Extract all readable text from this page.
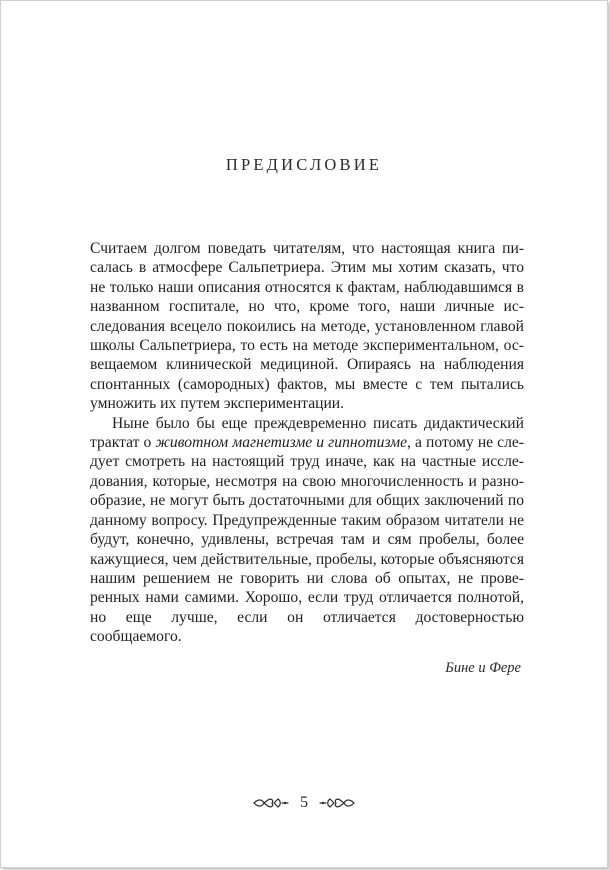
ПРЕДИСЛОВИЕ

Считаем долгом поведать читателям, что настоящая книга писалась в атмосфере Сальпетриера. Этим мы хотим сказать, что не только наши описания относятся к фактам, наблюдавшимся в названном госпитале, но что, кроме того, наши личные исследования всецело покоились на методе, установленном главой школы Сальпетриера, то есть на методе экспериментальном, освещаемом клинической медициной. Опираясь на наблюдения спонтанных (самородных) фактов, мы вместе с тем пытались умножить их путем экспериментации.

Ныне было бы еще преждевременно писать дидактический трактат о животном магнетизме и гипнотизме, а потому не следует смотреть на настоящий труд иначе, как на частные исследования, которые, несмотря на свою многочисленность и разнообразие, не могут быть достаточными для общих заключений по данному вопросу. Предупрежденные таким образом читатели не будут, конечно, удивлены, встречая там и сям пробелы, более кажущиеся, чем действительные, пробелы, которые объясняются нашим решением не говорить ни слова об опытах, не проверенных нами самими. Хорошо, если труд отличается полнотой, но еще лучше, если он отличается достоверностью сообщаемого.

Бине и Фере
5
